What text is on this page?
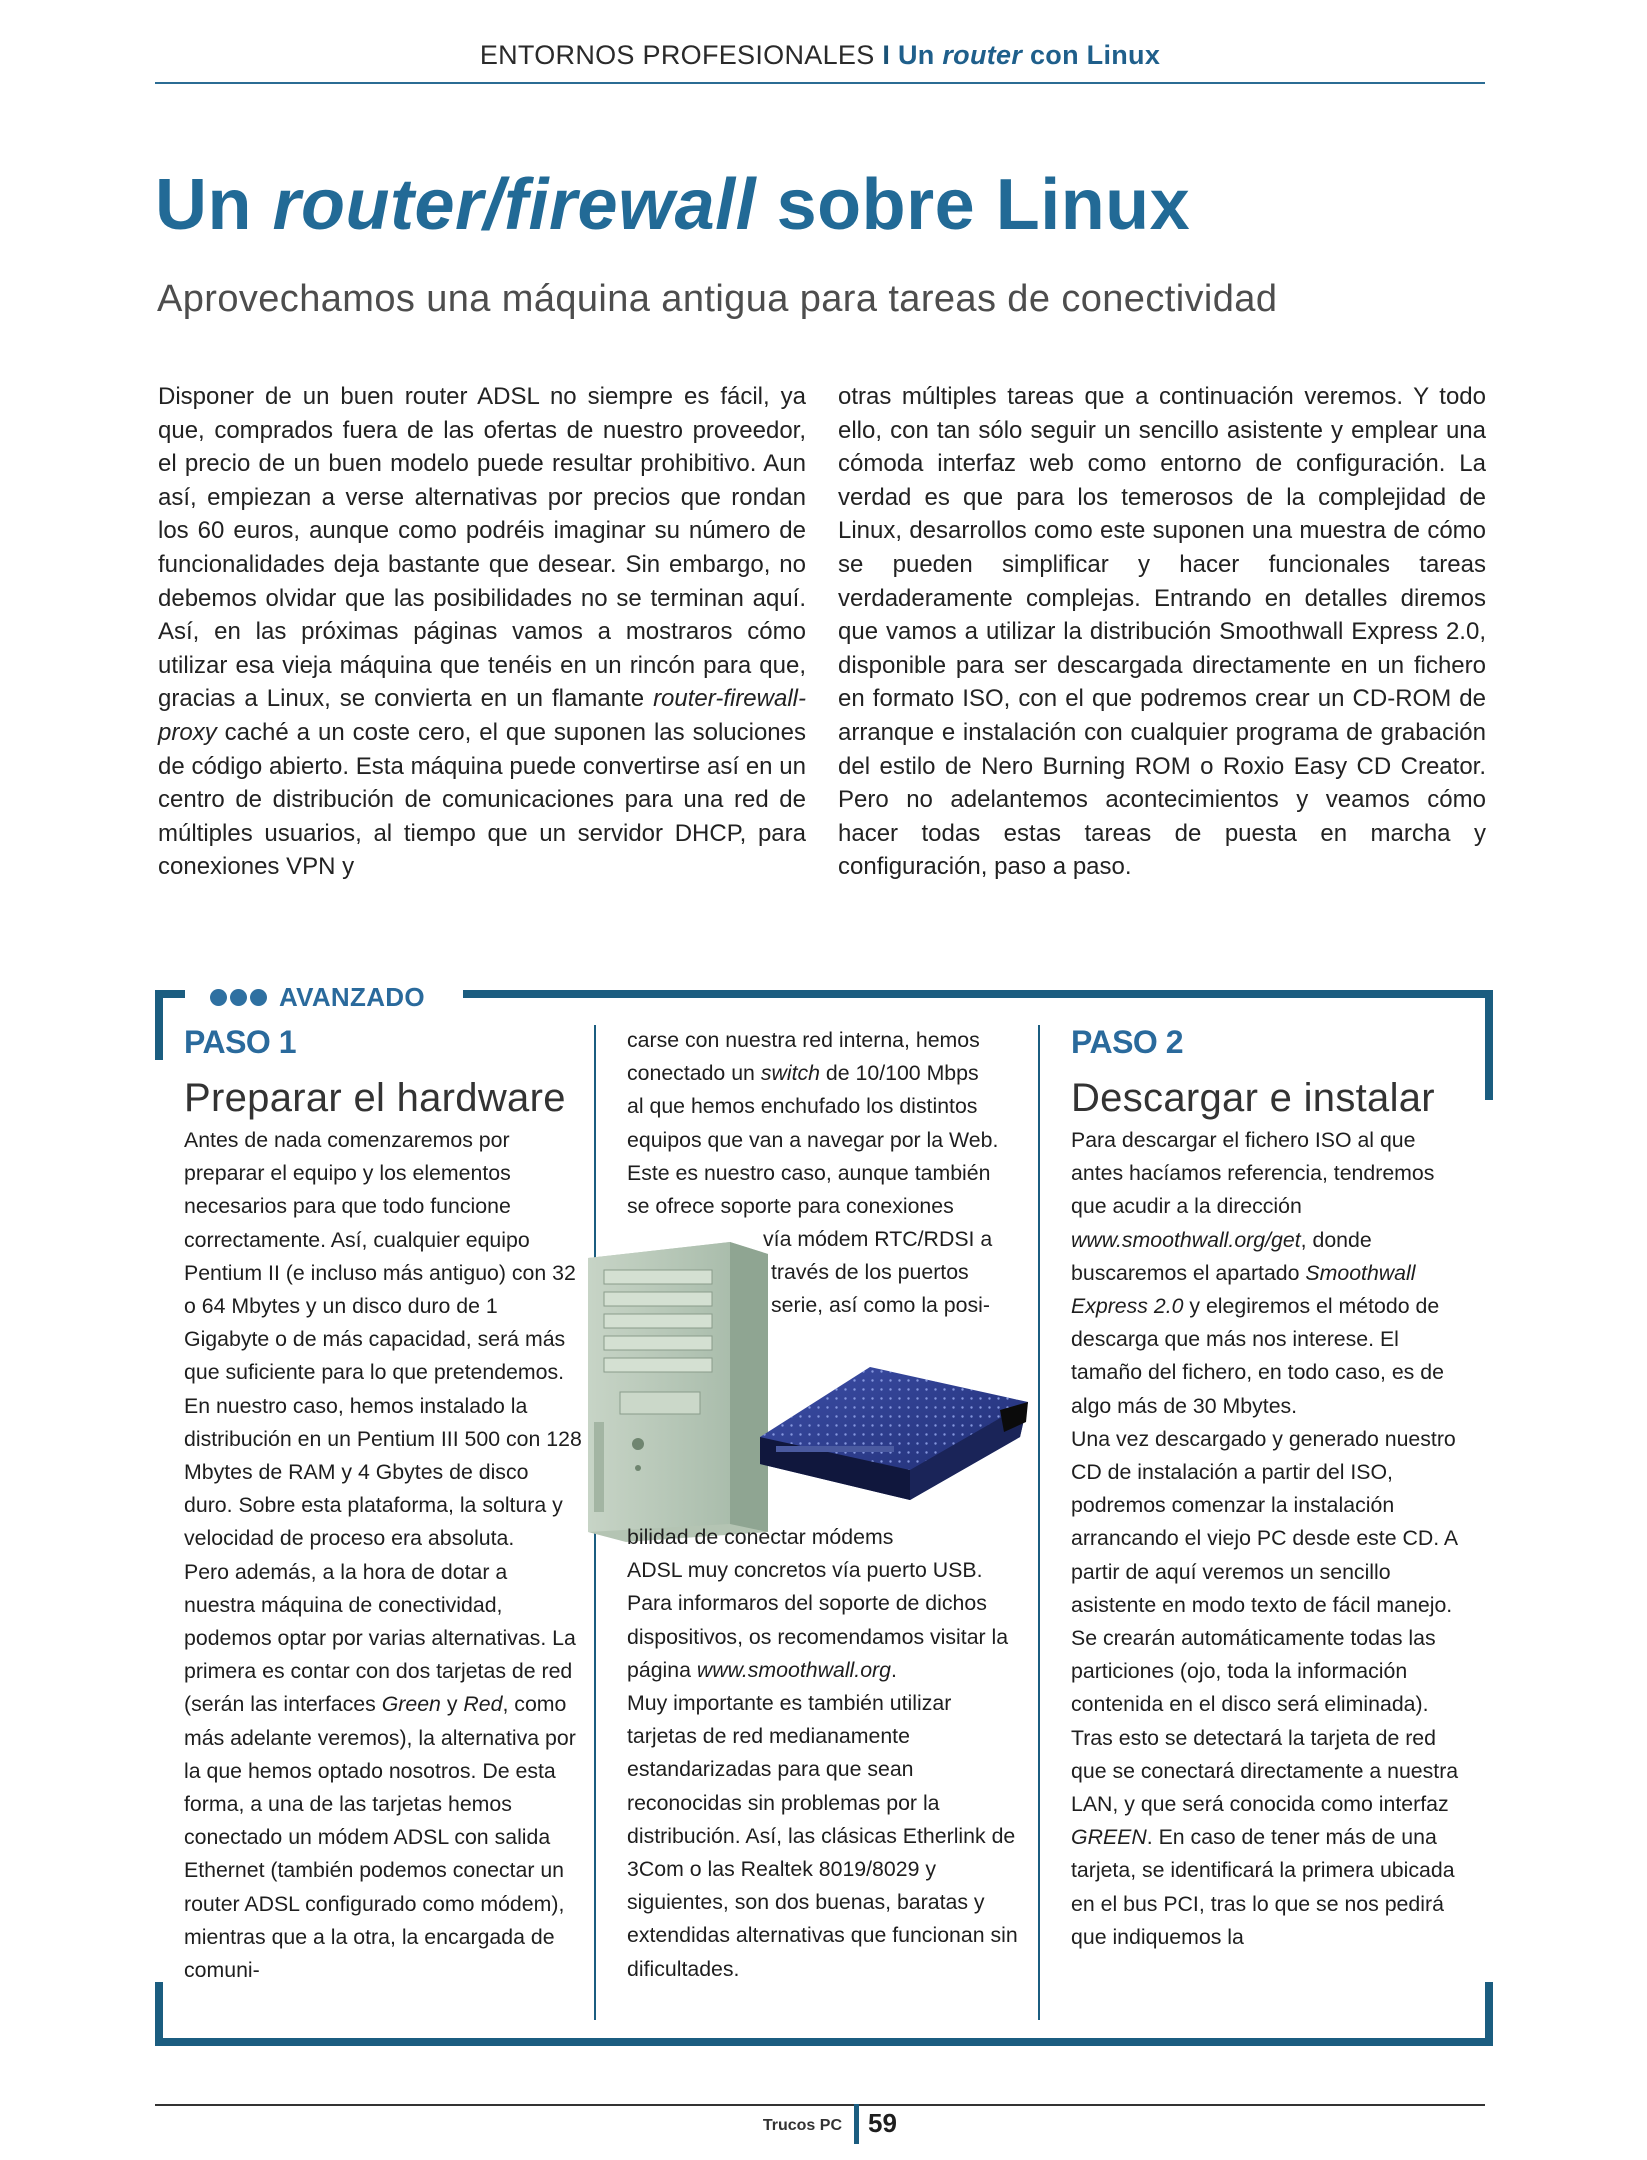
ENTORNOS PROFESIONALES I Un router con Linux
Un router/firewall sobre Linux
Aprovechamos una máquina antigua para tareas de conectividad
Disponer de un buen router ADSL no siempre es fácil, ya que, comprados fuera de las ofertas de nuestro proveedor, el precio de un buen modelo puede resultar prohibitivo. Aun así, empiezan a verse alternativas por precios que rondan los 60 euros, aunque como podréis imaginar su número de funcionalidades deja bastante que desear. Sin embargo, no debemos olvidar que las posibilidades no se terminan aquí. Así, en las próximas páginas vamos a mostraros cómo utilizar esa vieja máquina que tenéis en un rincón para que, gracias a Linux, se convierta en un flamante router-firewall-proxy caché a un coste cero, el que suponen las soluciones de código abierto. Esta máquina puede convertirse así en un centro de distribución de comunicaciones para una red de múltiples usuarios, al tiempo que un servidor DHCP, para conexiones VPN y
otras múltiples tareas que a continuación veremos. Y todo ello, con tan sólo seguir un sencillo asistente y emplear una cómoda interfaz web como entorno de configuración. La verdad es que para los temerosos de la complejidad de Linux, desarrollos como este suponen una muestra de cómo se pueden simplificar y hacer funcionales tareas verdaderamente complejas. Entrando en detalles diremos que vamos a utilizar la distribución Smoothwall Express 2.0, disponible para ser descargada directamente en un fichero en formato ISO, con el que podremos crear un CD-ROM de arranque e instalación con cualquier programa de grabación del estilo de Nero Burning ROM o Roxio Easy CD Creator. Pero no adelantemos acontecimientos y veamos cómo hacer todas estas tareas de puesta en marcha y configuración, paso a paso.
AVANZADO
PASO 1
Preparar el hardware

Antes de nada comenzaremos por preparar el equipo y los elementos necesarios para que todo funcione correctamente. Así, cualquier equipo Pentium II (e incluso más antiguo) con 32 o 64 Mbytes y un disco duro de 1 Gigabyte o de más capacidad, será más que suficiente para lo que pretendemos. En nuestro caso, hemos instalado la distribución en un Pentium III 500 con 128 Mbytes de RAM y 4 Gbytes de disco duro. Sobre esta plataforma, la soltura y velocidad de proceso era absoluta.

Pero además, a la hora de dotar a nuestra máquina de conectividad, podemos optar por varias alternativas. La primera es contar con dos tarjetas de red (serán las interfaces Green y Red, como más adelante veremos), la alternativa por la que hemos optado nosotros. De esta forma, a una de las tarjetas hemos conectado un módem ADSL con salida Ethernet (también podemos conectar un router ADSL configurado como módem), mientras que a la otra, la encargada de comuni-

carse con nuestra red interna, hemos
conectado un switch de 10/100 Mbps
al que hemos enchufado los distintos
equipos que van a navegar por la Web.
Este es nuestro caso, aunque también
se ofrece soporte para conexiones
vía módem RTC/RDSI a
través de los puertos
serie, así como la posi-
bilidad de conectar módems

ADSL muy concretos vía puerto USB. Para informaros del soporte de dichos dispositivos, os recomendamos visitar la página www.smoothwall.org.

Muy importante es también utilizar tarjetas de red medianamente estandarizadas para que sean reconocidas sin problemas por la distribución. Así, las clásicas Etherlink de 3Com o las Realtek 8019/8029 y siguientes, son dos buenas, baratas y extendidas alternativas que funcionan sin dificultades.

PASO 2
Descargar e instalar

Para descargar el fichero ISO al que antes hacíamos referencia, tendremos que acudir a la dirección www.smoothwall.org/get, donde buscaremos el apartado Smoothwall Express 2.0 y elegiremos el método de descarga que más nos interese. El tamaño del fichero, en todo caso, es de algo más de 30 Mbytes.

Una vez descargado y generado nuestro CD de instalación a partir del ISO, podremos comenzar la instalación arrancando el viejo PC desde este CD. A partir de aquí veremos un sencillo asistente en modo texto de fácil manejo. Se crearán automáticamente todas las particiones (ojo, toda la información contenida en el disco será eliminada). Tras esto se detectará la tarjeta de red que se conectará directamente a nuestra LAN, y que será conocida como interfaz GREEN. En caso de tener más de una tarjeta, se identificará la primera ubicada en el bus PCI, tras lo que se nos pedirá que indiquemos la

Trucos PC 59
